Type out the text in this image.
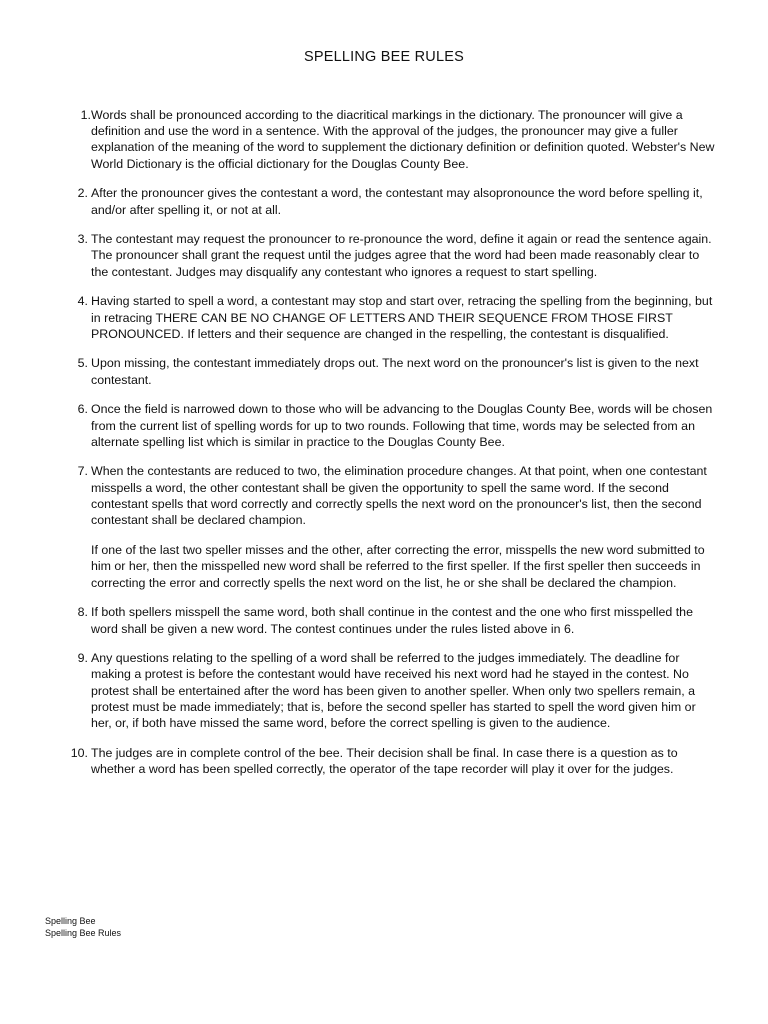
SPELLING BEE RULES
1. Words shall be pronounced according to the diacritical markings in the dictionary. The pronouncer will give a definition and use the word in a sentence. With the approval of the judges, the pronouncer may give a fuller explanation of the meaning of the word to supplement the dictionary definition or definition quoted. Webster's New World Dictionary is the official dictionary for the Douglas County Bee.

2. After the pronouncer gives the contestant a word, the contestant may alsopronounce the word before spelling it, and/or after spelling it, or not at all.

3. The contestant may request the pronouncer to re-pronounce the word, define it again or read the sentence again. The pronouncer shall grant the request until the judges agree that the word had been made reasonably clear to the contestant. Judges may disqualify any contestant who ignores a request to start spelling.

4. Having started to spell a word, a contestant may stop and start over, retracing the spelling from the beginning, but in retracing THERE CAN BE NO CHANGE OF LETTERS AND THEIR SEQUENCE FROM THOSE FIRST PRONOUNCED. If letters and their sequence are changed in the respelling, the contestant is disqualified.

5. Upon missing, the contestant immediately drops out. The next word on the pronouncer's list is given to the next contestant.

6. Once the field is narrowed down to those who will be advancing to the Douglas County Bee, words will be chosen from the current list of spelling words for up to two rounds. Following that time, words may be selected from an alternate spelling list which is similar in practice to the Douglas County Bee.

7. When the contestants are reduced to two, the elimination procedure changes. At that point, when one contestant misspells a word, the other contestant shall be given the opportunity to spell the same word. If the second contestant spells that word correctly and correctly spells the next word on the pronouncer's list, then the second contestant shall be declared champion.

If one of the last two speller misses and the other, after correcting the error, misspells the new word submitted to him or her, then the misspelled new word shall be referred to the first speller. If the first speller then succeeds in correcting the error and correctly spells the next word on the list, he or she shall be declared the champion.

8. If both spellers misspell the same word, both shall continue in the contest and the one who first misspelled the word shall be given a new word. The contest continues under the rules listed above in 6.

9. Any questions relating to the spelling of a word shall be referred to the judges immediately. The deadline for making a protest is before the contestant would have received his next word had he stayed in the contest. No protest shall be entertained after the word has been given to another speller. When only two spellers remain, a protest must be made immediately; that is, before the second speller has started to spell the word given him or her, or, if both have missed the same word, before the correct spelling is given to the audience.

10. The judges are in complete control of the bee. Their decision shall be final. In case there is a question as to whether a word has been spelled correctly, the operator of the tape recorder will play it over for the judges.

Spelling Bee
Spelling Bee Rules
